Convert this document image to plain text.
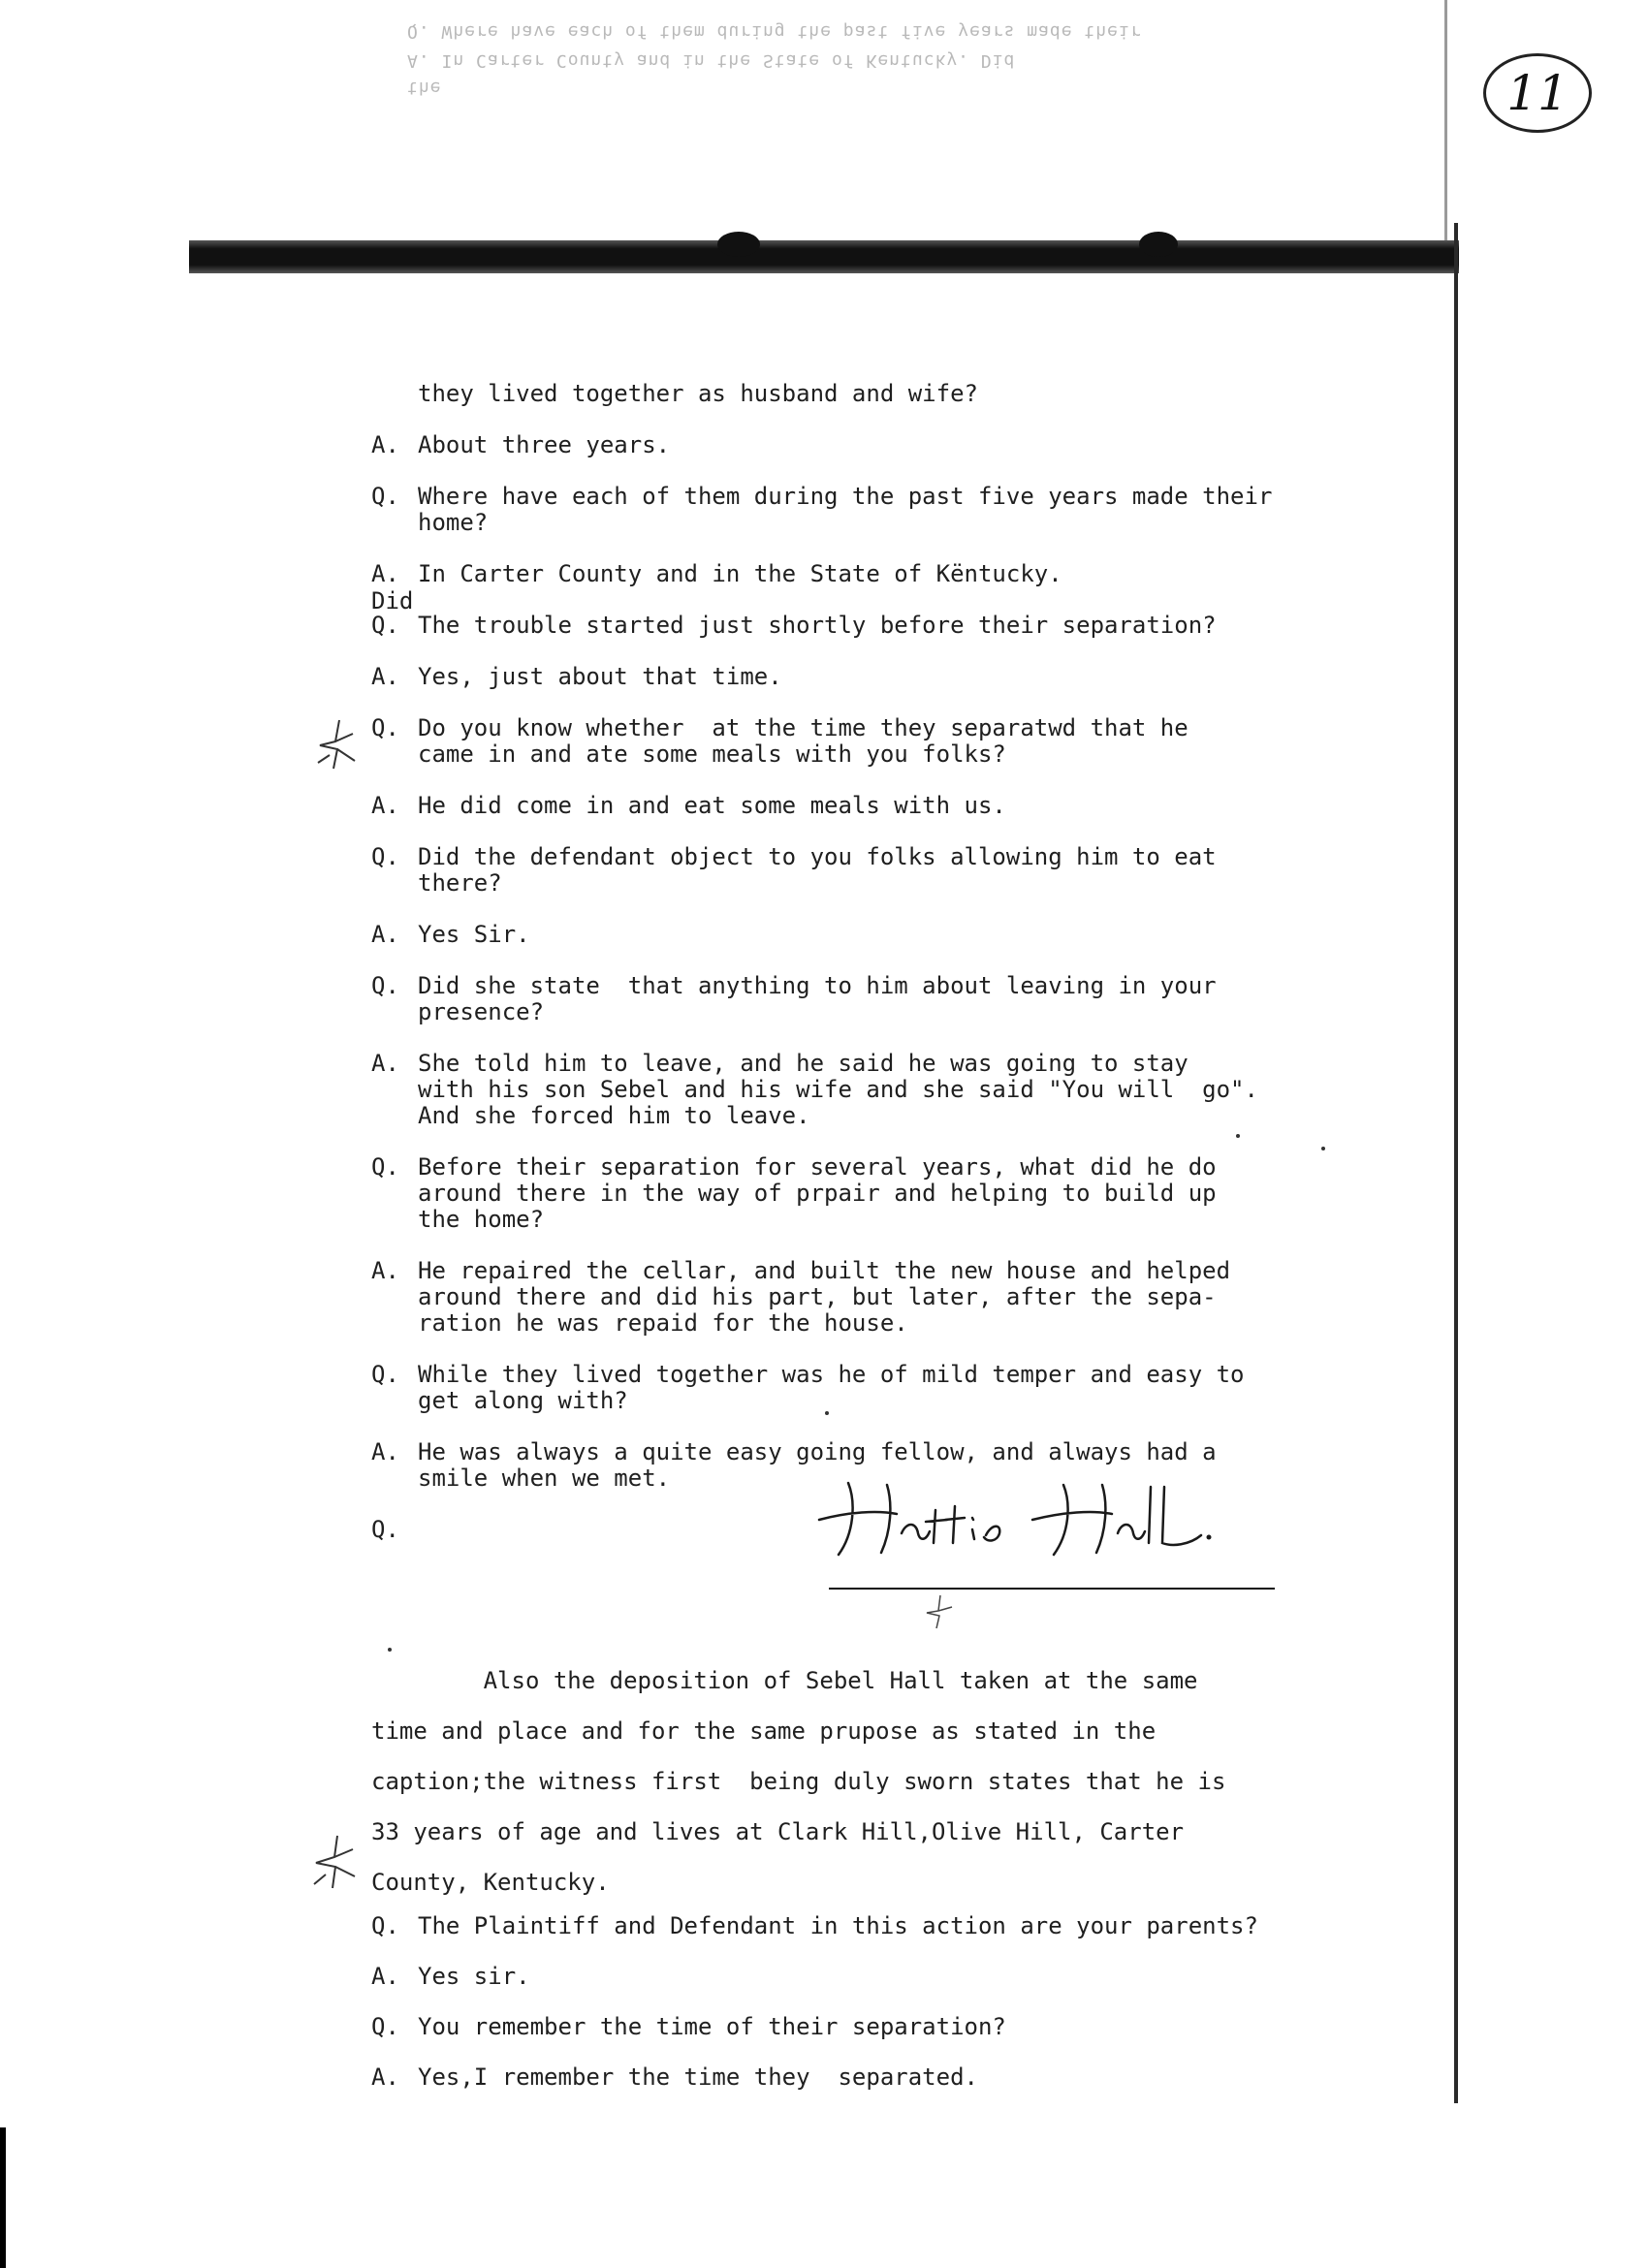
Q. Where have each of them during the past five years made their
A. In Carter County and in the State of Kentucky. Did
the	11
they lived together as husband and wife?
A. About three years.
Q. Where have each of them during the past five years made their
home?
A. In Carter County and in the State of Këntucky.
Q. The trouble started just shortly before their separation?
A. Yes, just about that time.
Q. Do you know whether  at the time they separatwd that he
came in and ate some meals with you folks?
A. He did come in and eat some meals with us.
Q. Did the defendant object to you folks allowing him to eat
there?
A. Yes Sir.
Q. Did she state  that anything to him about leaving in your
presence?
A. She told him to leave, and he said he was going to stay
with his son Sebel and his wife and she said "You will  go".
And she forced him to leave.
Q. Before their separation for several years, what did he do
around there in the way of prpair and helping to build up
the home?
A. He repaired the cellar, and built the new house and helped
around there and did his part, but later, after the sepa-
ration he was repaid for the house.
Q. While they lived together was he of mild temper and easy to
get along with?
A. He was always a quite easy going fellow, and always had a
smile when we met.
Q.
Did
Also the deposition of Sebel Hall taken at the same
time and place and for the same prupose as stated in the
caption;the witness first  being duly sworn states that he is
33 years of age and lives at Clark Hill,Olive Hill, Carter
County, Kentucky.
Q. The Plaintiff and Defendant in this action are your parents?
A. Yes sir.
Q. You remember the time of their separation?
A. Yes,I remember the time they  separated.
